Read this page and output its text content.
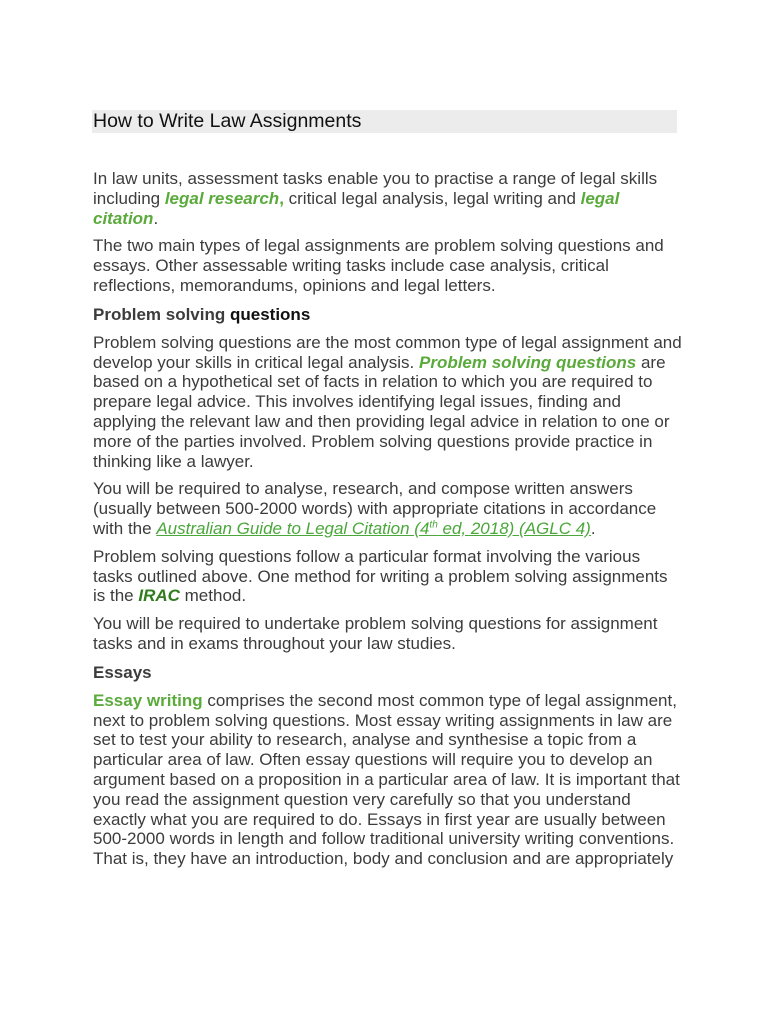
How to Write Law Assignments

In law units, assessment tasks enable you to practise a range of legal skills including legal research, critical legal analysis, legal writing and legal citation.

The two main types of legal assignments are problem solving questions and essays. Other assessable writing tasks include case analysis, critical reflections, memorandums, opinions and legal letters.

Problem solving questions

Problem solving questions are the most common type of legal assignment and develop your skills in critical legal analysis. Problem solving questions are based on a hypothetical set of facts in relation to which you are required to prepare legal advice. This involves identifying legal issues, finding and applying the relevant law and then providing legal advice in relation to one or more of the parties involved. Problem solving questions provide practice in thinking like a lawyer.

You will be required to analyse, research, and compose written answers (usually between 500-2000 words) with appropriate citations in accordance with the Australian Guide to Legal Citation (4th ed, 2018) (AGLC 4).

Problem solving questions follow a particular format involving the various tasks outlined above. One method for writing a problem solving assignments is the IRAC method.

You will be required to undertake problem solving questions for assignment tasks and in exams throughout your law studies.

Essays

Essay writing comprises the second most common type of legal assignment, next to problem solving questions. Most essay writing assignments in law are set to test your ability to research, analyse and synthesise a topic from a particular area of law. Often essay questions will require you to develop an argument based on a proposition in a particular area of law. It is important that you read the assignment question very carefully so that you understand exactly what you are required to do. Essays in first year are usually between 500-2000 words in length and follow traditional university writing conventions. That is, they have an introduction, body and conclusion and are appropriately
